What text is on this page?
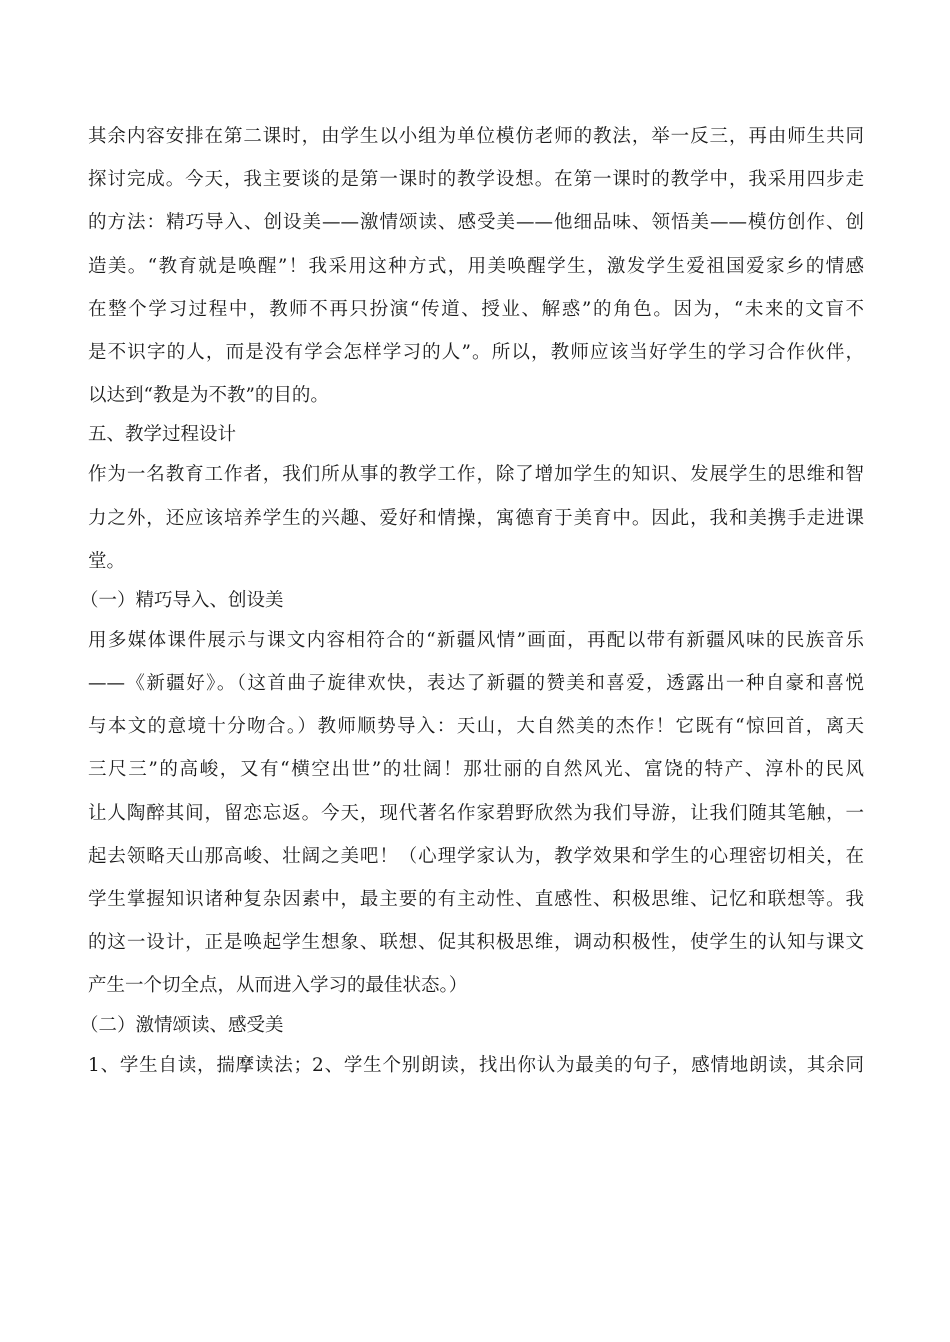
其余内容安排在第二课时，由学生以小组为单位模仿老师的教法，举一反三，再由师生共同
探讨完成。今天，我主要谈的是第一课时的教学设想。在第一课时的教学中，我采用四步走
的方法：精巧导入、创设美——激情颂读、感受美——他细品味、领悟美——模仿创作、创
造美。“教育就是唤醒”！我采用这种方式，用美唤醒学生，激发学生爱祖国爱家乡的情感
在整个学习过程中，教师不再只扮演“传道、授业、解惑”的角色。因为，“未来的文盲不
是不识字的人，而是没有学会怎样学习的人”。所以，教师应该当好学生的学习合作伙伴，
以达到“教是为不教”的目的。
五、教学过程设计
作为一名教育工作者，我们所从事的教学工作，除了增加学生的知识、发展学生的思维和智
力之外，还应该培养学生的兴趣、爱好和情操，寓德育于美育中。因此，我和美携手走进课
堂。
（一）精巧导入、创设美
用多媒体课件展示与课文内容相符合的“新疆风情”画面，再配以带有新疆风味的民族音乐
——《新疆好》。（这首曲子旋律欢快，表达了新疆的赞美和喜爱，透露出一种自豪和喜悦
与本文的意境十分吻合。）教师顺势导入：天山，大自然美的杰作！它既有“惊回首，离天
三尺三”的高峻，又有“横空出世”的壮阔！那壮丽的自然风光、富饶的特产、淳朴的民风
让人陶醉其间，留恋忘返。今天，现代著名作家碧野欣然为我们导游，让我们随其笔触，一
起去领略天山那高峻、壮阔之美吧！（心理学家认为，教学效果和学生的心理密切相关，在
学生掌握知识诸种复杂因素中，最主要的有主动性、直感性、积极思维、记忆和联想等。我
的这一设计，正是唤起学生想象、联想、促其积极思维，调动积极性，使学生的认知与课文
产生一个切全点，从而进入学习的最佳状态。）
（二）激情颂读、感受美
1、学生自读，揣摩读法；2、学生个别朗读，找出你认为最美的句子，感情地朗读，其余同
